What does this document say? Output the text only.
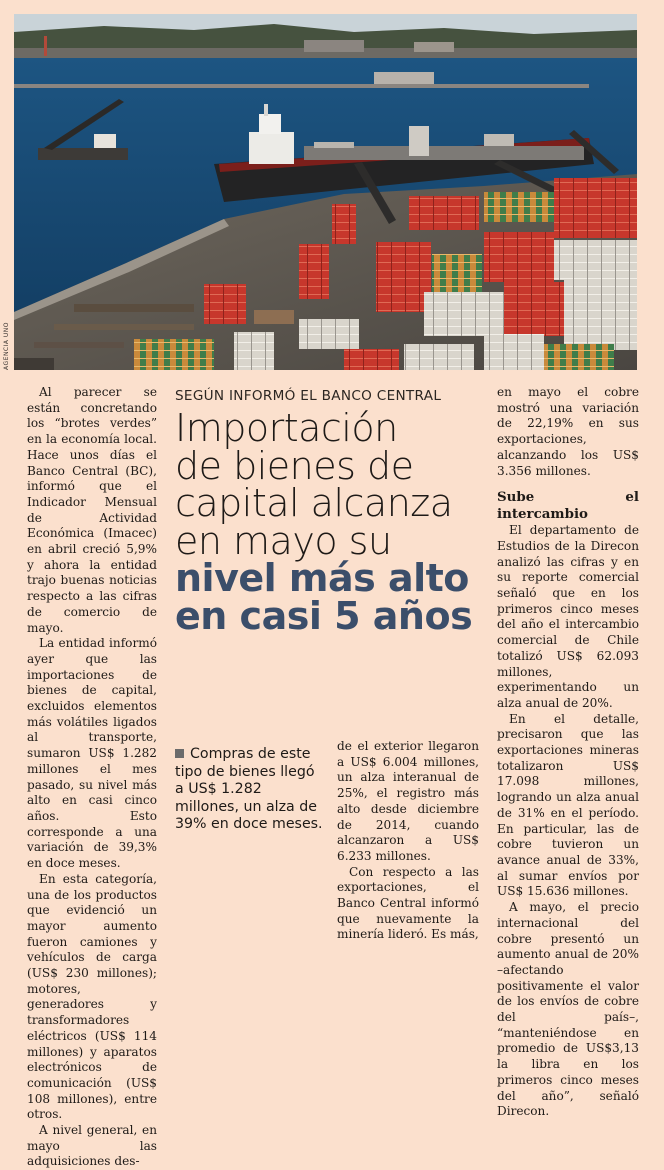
AGENCIA UNO

Al parecer se están concretando los “brotes verdes” en la economía local. Hace unos días el Banco Central (BC), informó que el Indicador Mensual de Actividad Económica (Imacec) en abril creció 5,9% y ahora la entidad trajo buenas noticias respecto a las cifras de comercio de mayo.

La entidad informó ayer que las importaciones de bienes de capital, excluidos elementos más volátiles ligados al transporte, sumaron US$ 1.282 millones el mes pasado, su nivel más alto en casi cinco años. Esto corresponde a una variación de 39,3% en doce meses.

En esta categoría, una de los productos que evidenció un mayor aumento fueron camiones y vehículos de carga (US$ 230 millones); motores, generadores y transformadores eléctricos (US$ 114 millones) y aparatos electrónicos de comunicación (US$ 108 millones), entre otros.

A nivel general, en mayo las adquisiciones des-

SEGÚN INFORMÓ EL BANCO CENTRAL
Importación
de bienes de
capital alcanza
en mayo su
nivel más alto
en casi 5 años
Compras de este tipo de bienes llegó a US$ 1.282 millones, un alza de 39% en doce meses.

de el exterior llegaron a US$ 6.004 millones, un alza interanual de 25%, el registro más alto desde diciembre de 2014, cuando alcanzaron a US$ 6.233 millones.

Con respecto a las exportaciones, el Banco Central informó que nuevamente la minería lideró. Es más,

en mayo el cobre mostró una variación de 22,19% en sus exportaciones, alcanzando los US$ 3.356 millones.

Sube el intercambio

El departamento de Estudios de la Direcon analizó las cifras y en su reporte comercial señaló que en los primeros cinco meses del año el intercambio comercial de Chile totalizó US$ 62.093 millones, experimentando un alza anual de 20%.

En el detalle, precisaron que las exportaciones mineras totalizaron US$ 17.098 millones, logrando un alza anual de 31% en el período. En particular, las de cobre tuvieron un avance anual de 33%, al sumar envíos por US$ 15.636 millones.

A mayo, el precio internacional del cobre presentó un aumento anual de 20% –afectando positivamente el valor de los envíos de cobre del país–, “manteniéndose en promedio de US$3,13 la libra en los primeros cinco meses del año”, señaló Direcon.
